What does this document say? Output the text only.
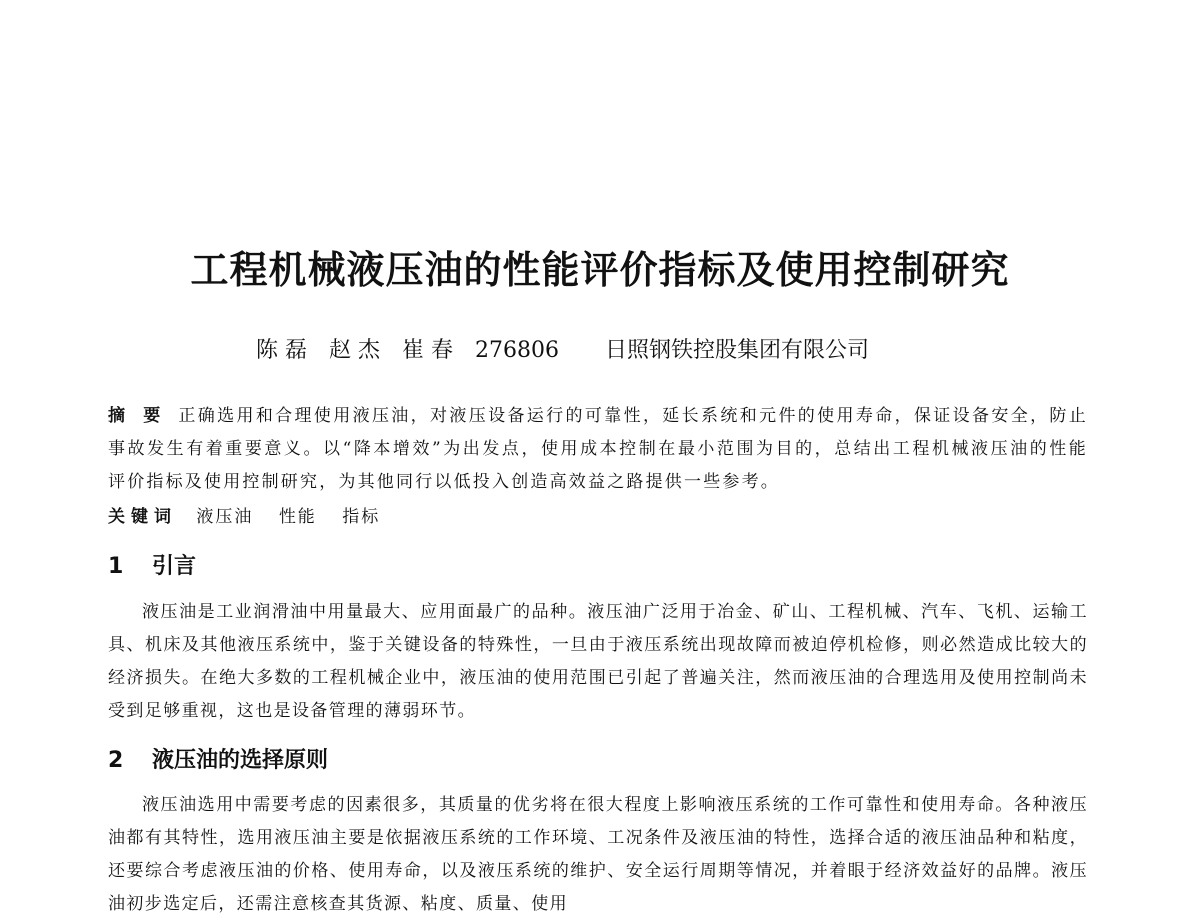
工程机械液压油的性能评价指标及使用控制研究
陈 磊 赵 杰 崔 春 276806 日照钢铁控股集团有限公司
摘 要 正确选用和合理使用液压油，对液压设备运行的可靠性，延长系统和元件的使用寿命，保证设备安全，防止事故发生有着重要意义。以“降本增效”为出发点，使用成本控制在最小范围为目的，总结出工程机械液压油的性能评价指标及使用控制研究，为其他同行以低投入创造高效益之路提供一些参考。
关键词 液压油 性能 指标
1 引言

液压油是工业润滑油中用量最大、应用面最广的品种。液压油广泛用于冶金、矿山、工程机械、汽车、飞机、运输工具、机床及其他液压系统中，鉴于关键设备的特殊性，一旦由于液压系统出现故障而被迫停机检修，则必然造成比较大的经济损失。在绝大多数的工程机械企业中，液压油的使用范围已引起了普遍关注，然而液压油的合理选用及使用控制尚未受到足够重视，这也是设备管理的薄弱环节。

2 液压油的选择原则

液压油选用中需要考虑的因素很多，其质量的优劣将在很大程度上影响液压系统的工作可靠性和使用寿命。各种液压油都有其特性，选用液压油主要是依据液压系统的工作环境、工况条件及液压油的特性，选择合适的液压油品种和粘度，还要综合考虑液压油的价格、使用寿命，以及液压系统的维护、安全运行周期等情况，并着眼于经济效益好的品牌。液压油初步选定后，还需注意核查其货源、粘度、质量、使用
